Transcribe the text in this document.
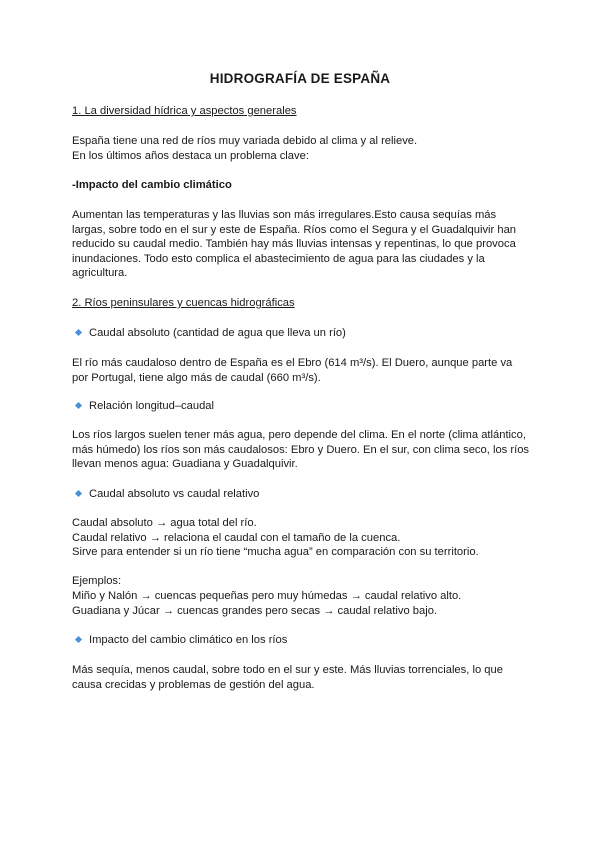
HIDROGRAFÍA DE ESPAÑA
1. La diversidad hídrica y aspectos generales
España tiene una red de ríos muy variada debido al clima y al relieve.
En los últimos años destaca un problema clave:
-Impacto del cambio climático
Aumentan las temperaturas y las lluvias son más irregulares.Esto causa sequías más
largas, sobre todo en el sur y este de España. Ríos como el Segura y el Guadalquivir han
reducido su caudal medio. También hay más lluvias intensas y repentinas, lo que provoca
inundaciones. Todo esto complica el abastecimiento de agua para las ciudades y la
agricultura.
2. Ríos peninsulares y cuencas hidrográficas
Caudal absoluto (cantidad de agua que lleva un río)
El río más caudaloso dentro de España es el Ebro (614 m³/s). El Duero, aunque parte va
por Portugal, tiene algo más de caudal (660 m³/s).
Relación longitud–caudal
Los ríos largos suelen tener más agua, pero depende del clima. En el norte (clima atlántico,
más húmedo) los ríos son más caudalosos: Ebro y Duero. En el sur, con clima seco, los ríos
llevan menos agua: Guadiana y Guadalquivir.
Caudal absoluto vs caudal relativo
Caudal absoluto → agua total del río.
Caudal relativo → relaciona el caudal con el tamaño de la cuenca.
Sirve para entender si un río tiene “mucha agua” en comparación con su territorio.
Ejemplos:
Miño y Nalón → cuencas pequeñas pero muy húmedas → caudal relativo alto.
Guadiana y Júcar → cuencas grandes pero secas → caudal relativo bajo.
Impacto del cambio climático en los ríos
Más sequía, menos caudal, sobre todo en el sur y este. Más lluvias torrenciales, lo que
causa crecidas y problemas de gestión del agua.
